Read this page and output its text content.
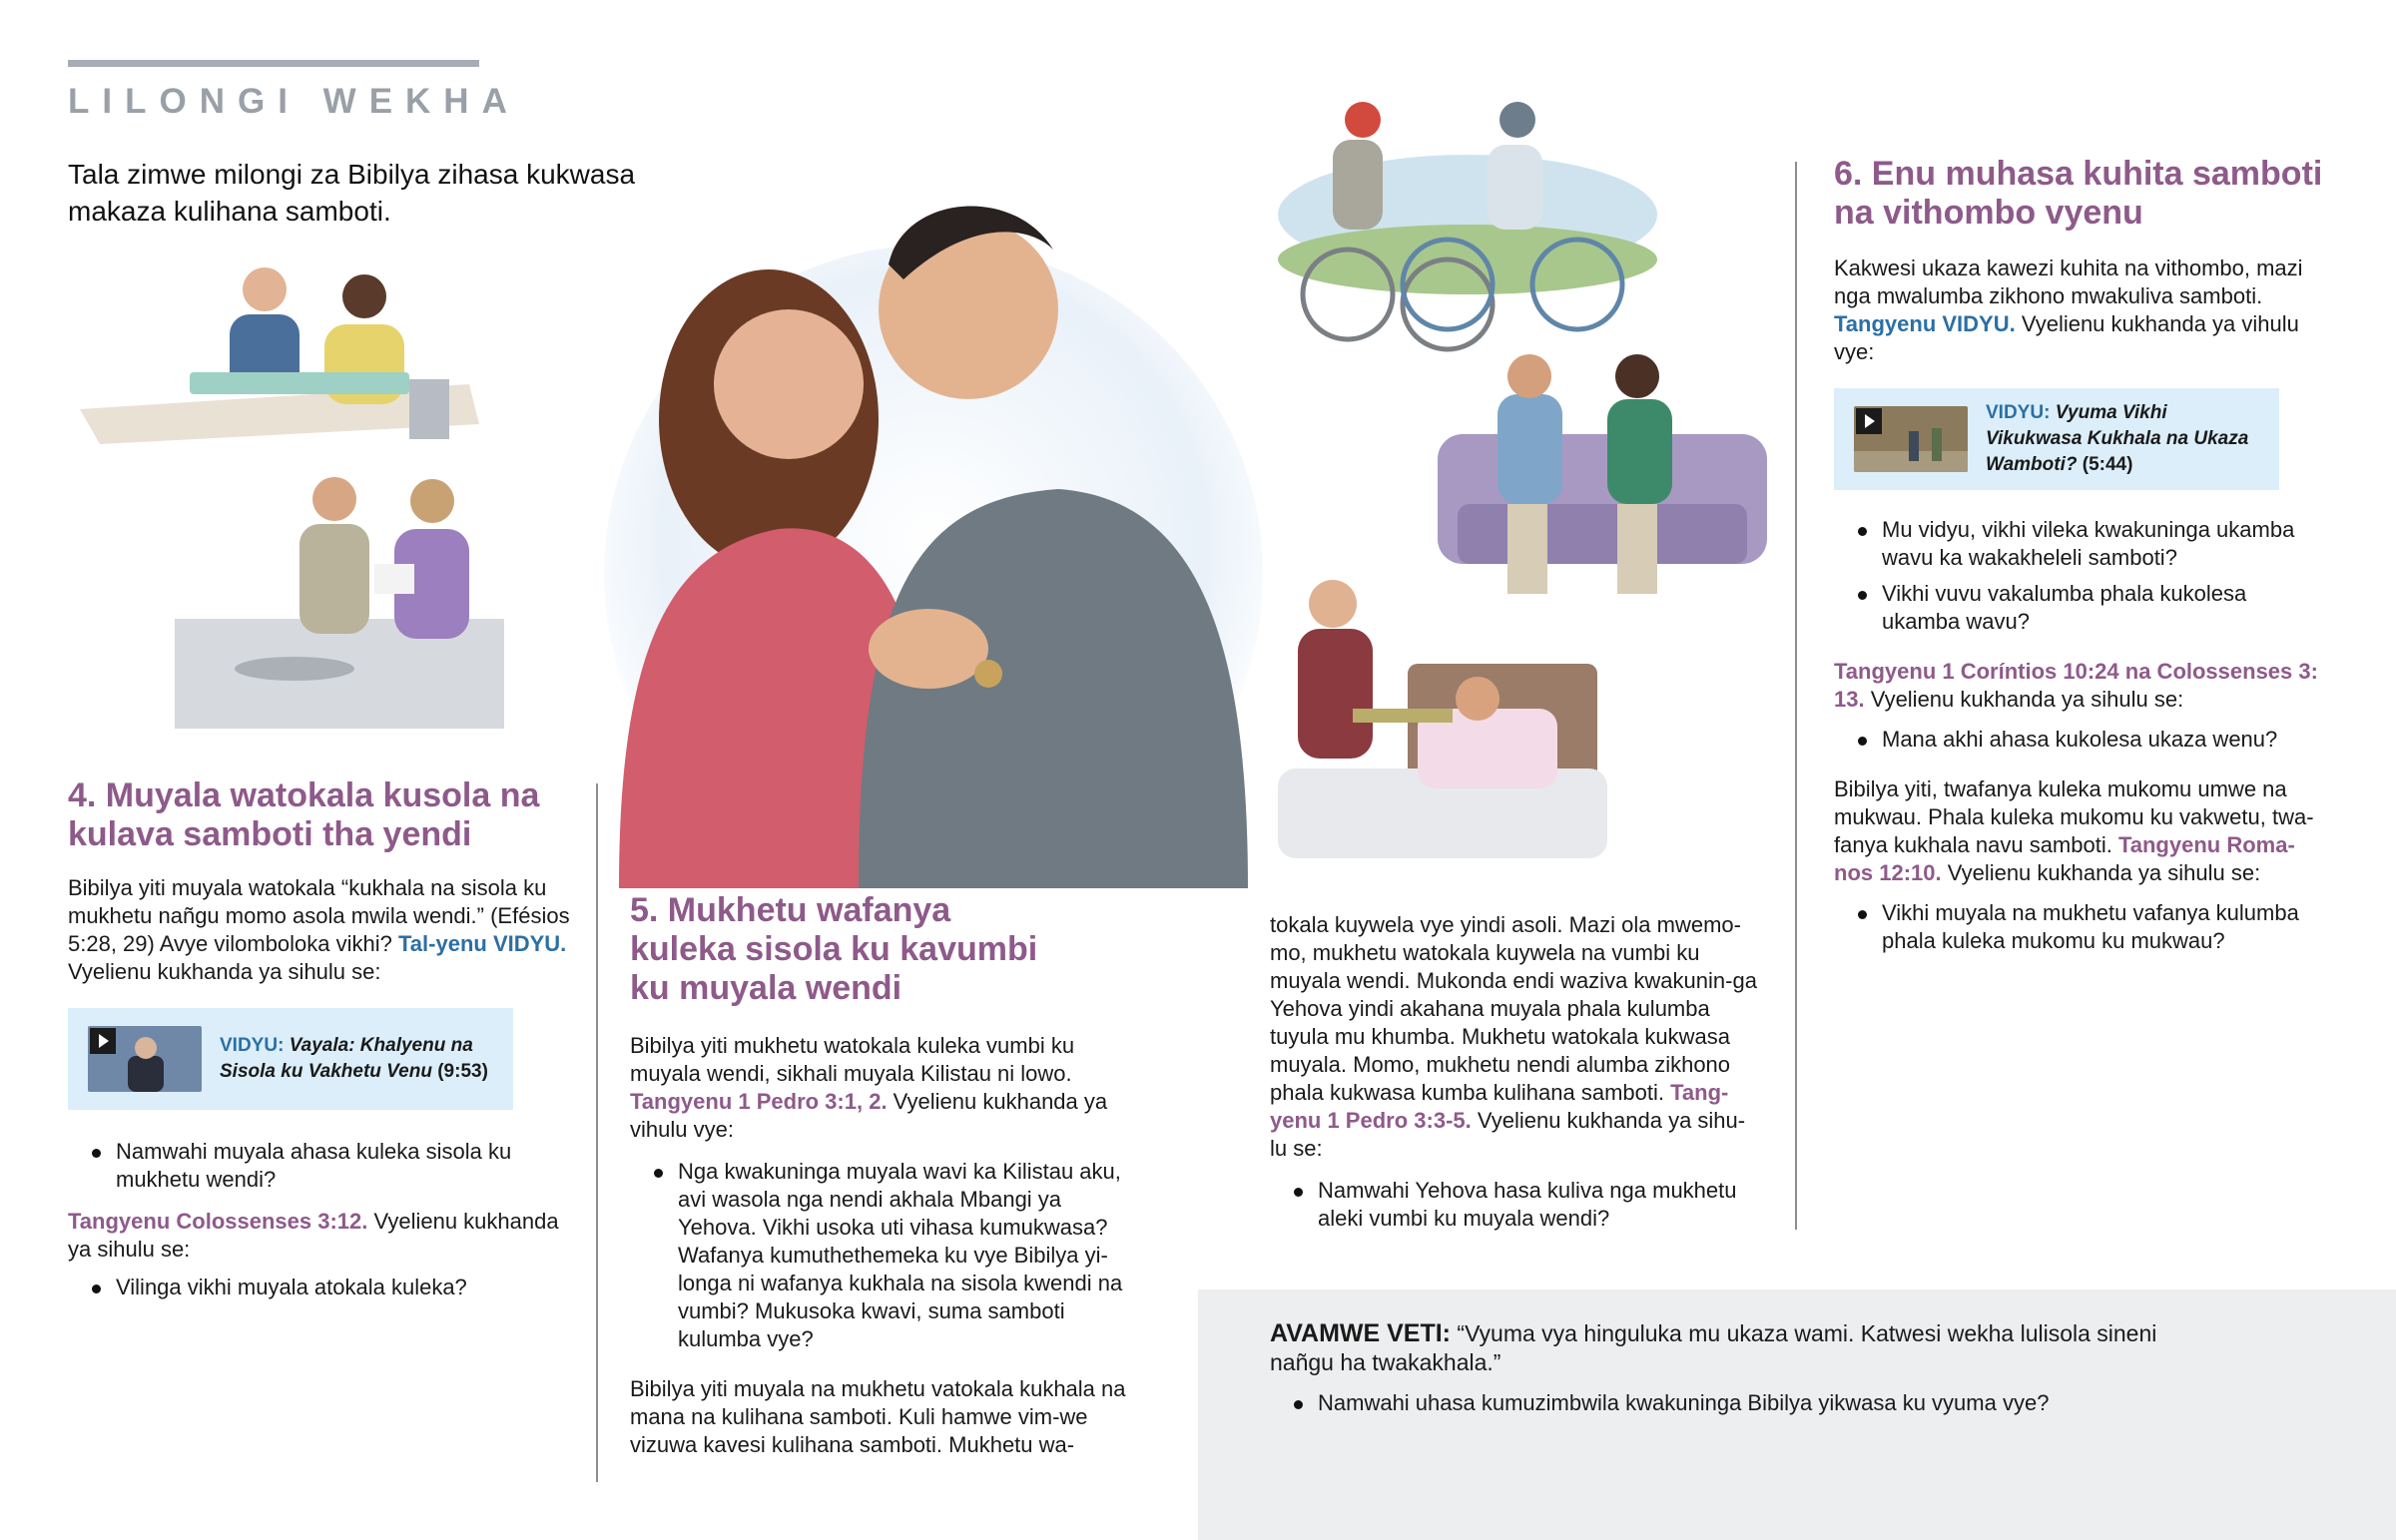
LILONGI WEKHA
Tala zimwe milongi za Bibilya zihasa kukwasa makaza kulihana samboti.
4. Muyala watokala kusola na kulava samboti tha yendi

Bibilya yiti muyala watokala “kukhala na sisola ku mukhetu nañgu momo asola mwila wendi.” (Efésios 5:28, 29) Avye vilomboloka vikhi? Tal-yenu VIDYU. Vyelienu kukhanda ya sihulu se:

VIDYU: Vayala: Khalyenu na Sisola ku Vakhetu Venu (9:53)
Namwahi muyala ahasa kuleka sisola ku mukhetu wendi?

Tangyenu Colossenses 3:12. Vyelienu kukhanda ya sihulu se:

Vilinga vikhi muyala atokala kuleka?
5. Mukhetu wafanya kuleka sisola ku kavumbi ku muyala wendi

Bibilya yiti mukhetu watokala kuleka vumbi ku muyala wendi, sikhali muyala Kilistau ni lowo. Tangyenu 1 Pedro 3:1, 2. Vyelienu kukhanda ya vihulu vye:

Nga kwakuninga muyala wavi ka Kilistau aku, avi wasola nga nendi akhala Mbangi ya Yehova. Vikhi usoka uti vihasa kumukwasa? Wafanya kumuthethemeka ku vye Bibilya yi-longa ni wafanya kukhala na sisola kwendi na vumbi? Mukusoka kwavi, suma samboti kulumba vye?

Bibilya yiti muyala na mukhetu vatokala kukhala na mana na kulihana samboti. Kuli hamwe vim-we vizuwa kavesi kulihana samboti. Mukhetu wa-

tokala kuywela vye yindi asoli. Mazi ola mwemo-mo, mukhetu watokala kuywela na vumbi ku muyala wendi. Mukonda endi waziva kwakunin-ga Yehova yindi akahana muyala phala kulumba tuyula mu khumba. Mukhetu watokala kukwasa muyala. Momo, mukhetu nendi alumba zikhono phala kukwasa kumba kulihana samboti. Tang-yenu 1 Pedro 3:3-5. Vyelienu kukhanda ya sihu-lu se:

Namwahi Yehova hasa kuliva nga mukhetu aleki vumbi ku muyala wendi?
6. Enu muhasa kuhita samboti na vithombo vyenu

Kakwesi ukaza kawezi kuhita na vithombo, mazi nga mwalumba zikhono mwakuliva samboti. Tangyenu VIDYU. Vyelienu kukhanda ya vihulu vye:

VIDYU: Vyuma Vikhi Vikukwasa Kukhala na Ukaza Wamboti? (5:44)
Mu vidyu, vikhi vileka kwakuninga ukamba wavu ka wakakheleli samboti?
Vikhi vuvu vakalumba phala kukolesa ukamba wavu?

Tangyenu 1 Coríntios 10:24 na Colossenses 3: 13. Vyelienu kukhanda ya sihulu se:

Mana akhi ahasa kukolesa ukaza wenu?

Bibilya yiti, twafanya kuleka mukomu umwe na mukwau. Phala kuleka mukomu ku vakwetu, twa-fanya kukhala navu samboti. Tangyenu Roma-nos 12:10. Vyelienu kukhanda ya sihulu se:

Vikhi muyala na mukhetu vafanya kulumba phala kuleka mukomu ku mukwau?

AVAMWE VETI: “Vyuma vya hinguluka mu ukaza wami. Katwesi wekha lulisola sineni nañgu ha twakakhala.”

Namwahi uhasa kumuzimbwila kwakuninga Bibilya yikwasa ku vyuma vye?
